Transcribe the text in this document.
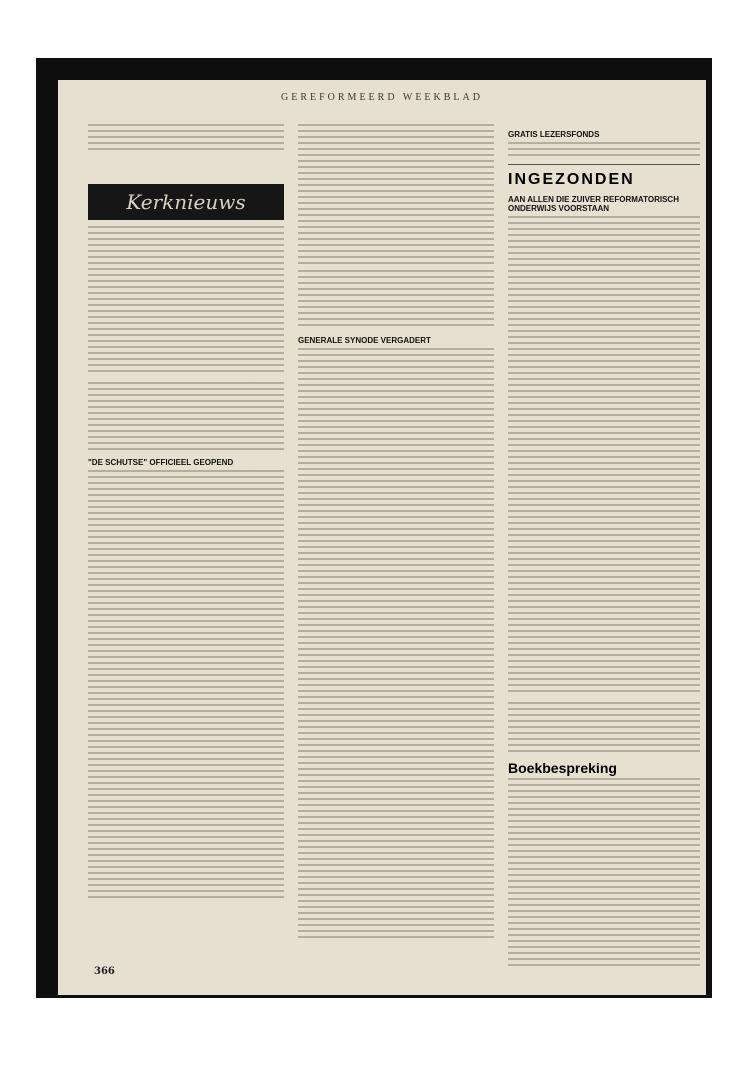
GEREFORMEERD WEEKBLAD
Kerknieuws
"DE SCHUTSE" OFFICIEEL GEOPEND
GENERALE SYNODE VERGADERT
GRATIS LEZERSFONDS
INGEZONDEN
AAN ALLEN DIE ZUIVER REFORMATORISCH ONDERWIJS VOORSTAAN
Boekbespreking
366
